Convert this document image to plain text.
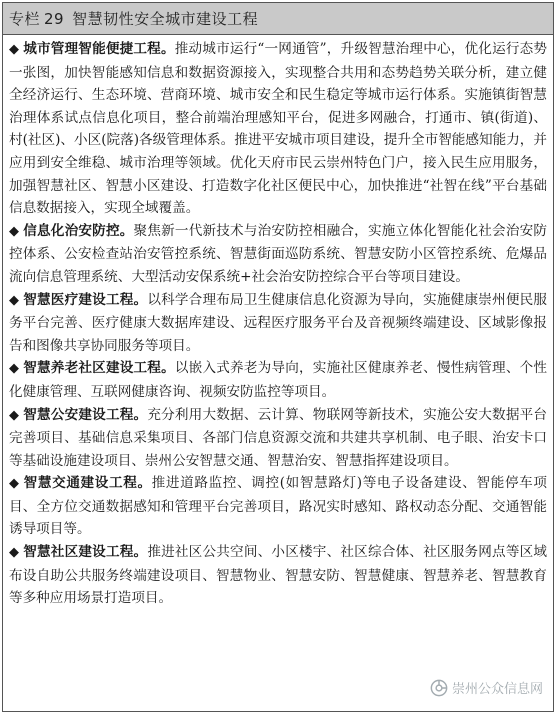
专栏 29 智慧韧性安全城市建设工程

◆ 城市管理智能便捷工程。推动城市运行“一网通管”，升级智慧治理中心，优化运行态势一张图，加快智能感知信息和数据资源接入，实现整合共用和态势趋势关联分析，建立健全经济运行、生态环境、营商环境、城市安全和民生稳定等城市运行体系。实施镇街智慧治理体系试点信息化项目，整合前端治理感知平台，促进多网融合，打通市、镇(街道)、村(社区)、小区(院落)各级管理体系。推进平安城市项目建设，提升全市智能感知能力，并应用到安全维稳、城市治理等领域。优化天府市民云崇州特色门户，接入民生应用服务，加强智慧社区、智慧小区建设、打造数字化社区便民中心，加快推进“社智在线”平台基础信息数据接入，实现全域覆盖。

◆ 信息化治安防控。聚焦新一代新技术与治安防控相融合，实施立体化智能化社会治安防控体系、公安检查站治安管控系统、智慧街面巡防系统、智慧安防小区管控系统、危爆品流向信息管理系统、大型活动安保系统+社会治安防控综合平台等项目建设。

◆ 智慧医疗建设工程。以科学合理布局卫生健康信息化资源为导向，实施健康崇州便民服务平台完善、医疗健康大数据库建设、远程医疗服务平台及音视频终端建设、区域影像报告和图像共享协同服务等项目。

◆ 智慧养老社区建设工程。以嵌入式养老为导向，实施社区健康养老、慢性病管理、个性化健康管理、互联网健康咨询、视频安防监控等项目。

◆ 智慧公安建设工程。充分利用大数据、云计算、物联网等新技术，实施公安大数据平台完善项目、基础信息采集项目、各部门信息资源交流和共建共享机制、电子眼、治安卡口等基础设施建设项目、崇州公安智慧交通、智慧治安、智慧指挥建设项目。

◆ 智慧交通建设工程。推进道路监控、调控(如智慧路灯)等电子设备建设、智能停车项目、全方位交通数据感知和管理平台完善项目，路况实时感知、路权动态分配、交通智能诱导项目等。

◆ 智慧社区建设工程。推进社区公共空间、小区楼宇、社区综合体、社区服务网点等区域布设自助公共服务终端建设项目、智慧物业、智慧安防、智慧健康、智慧养老、智慧教育等多种应用场景打造项目。

崇州公众信息网
